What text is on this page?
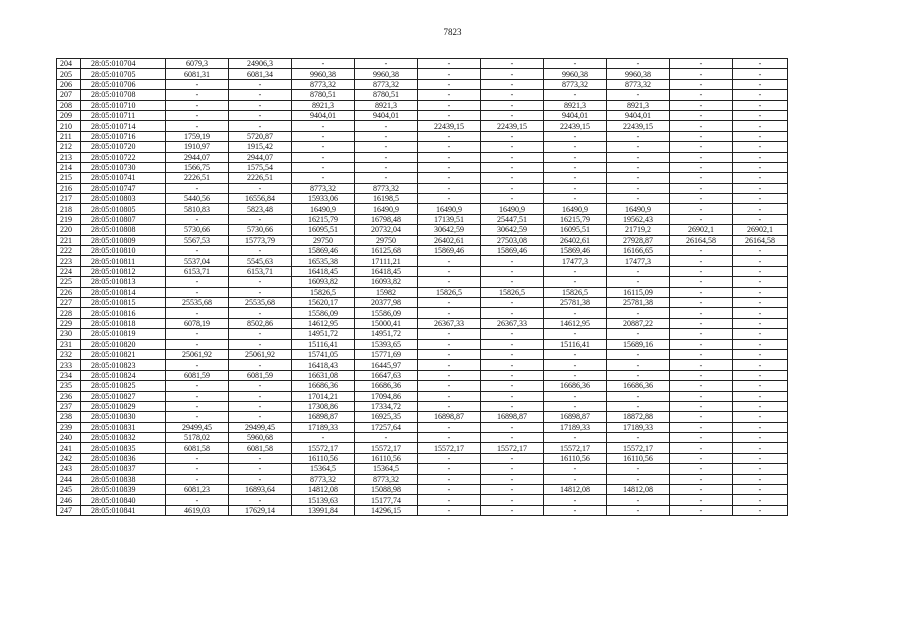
7823
204	28:05:010704	6079,3	24906,3	-	-	-	-	-	-	-	-
205	28:05:010705	6081,31	6081,34	9960,38	9960,38	-	-	9960,38	9960,38	-	-
206	28:05:010706	-	-	8773,32	8773,32	-	-	8773,32	8773,32	-	-
207	28:05:010708	-	-	8780,51	8780,51	-	-	-	-	-	-
208	28:05:010710	-	-	8921,3	8921,3	-	-	8921,3	8921,3	-	-
209	28:05:010711	-	-	9404,01	9404,01	-	-	9404,01	9404,01	-	-
210	28:05:010714	-	-	-	-	22439,15	22439,15	22439,15	22439,15	-	-
211	28:05:010716	1759,19	5720,87	-	-	-	-	-	-	-	-
212	28:05:010720	1910,97	1915,42	-	-	-	-	-	-	-	-
213	28:05:010722	2944,07	2944,07	-	-	-	-	-	-	-	-
214	28:05:010730	1566,75	1575,54	-	-	-	-	-	-	-	-
215	28:05:010741	2226,51	2226,51	-	-	-	-	-	-	-	-
216	28:05:010747	-	-	8773,32	8773,32	-	-	-	-	-	-
217	28:05:010803	5440,56	16556,84	15933,06	16198,5	-	-	-	-	-	-
218	28:05:010805	5810,83	5823,48	16490,9	16490,9	16490,9	16490,9	16490,9	16490,9	-	-
219	28:05:010807	-	-	16215,79	16798,48	17139,51	25447,51	16215,79	19562,43	-	-
220	28:05:010808	5730,66	5730,66	16095,51	20732,04	30642,59	30642,59	16095,51	21719,2	26902,1	26902,1
221	28:05:010809	5567,53	15773,79	29750	29750	26402,61	27503,08	26402,61	27928,87	26164,58	26164,58
222	28:05:010810	-	-	15869,46	16125,68	15869,46	15869,46	15869,46	16166,65	-	-
223	28:05:010811	5537,04	5545,63	16535,38	17111,21	-	-	17477,3	17477,3	-	-
224	28:05:010812	6153,71	6153,71	16418,45	16418,45	-	-	-	-	-	-
225	28:05:010813	-	-	16093,82	16093,82	-	-	-	-	-	-
226	28:05:010814	-	-	15826,5	15982	15826,5	15826,5	15826,5	16115,09	-	-
227	28:05:010815	25535,68	25535,68	15620,17	20377,98	-	-	25781,38	25781,38	-	-
228	28:05:010816	-	-	15586,09	15586,09	-	-	-	-	-	-
229	28:05:010818	6078,19	8502,86	14612,95	15000,41	26367,33	26367,33	14612,95	20887,22	-	-
230	28:05:010819	-	-	14951,72	14951,72	-	-	-	-	-	-
231	28:05:010820	-	-	15116,41	15393,65	-	-	15116,41	15689,16	-	-
232	28:05:010821	25061,92	25061,92	15741,05	15771,69	-	-	-	-	-	-
233	28:05:010823	-	-	16418,43	16445,97	-	-	-	-	-	-
234	28:05:010824	6081,59	6081,59	16631,08	16647,63	-	-	-	-	-	-
235	28:05:010825	-	-	16686,36	16686,36	-	-	16686,36	16686,36	-	-
236	28:05:010827	-	-	17014,21	17094,86	-	-	-	-	-	-
237	28:05:010829	-	-	17308,86	17334,72	-	-	-	-	-	-
238	28:05:010830	-	-	16898,87	16925,35	16898,87	16898,87	16898,87	18872,88	-	-
239	28:05:010831	29499,45	29499,45	17189,33	17257,64	-	-	17189,33	17189,33	-	-
240	28:05:010832	5178,02	5960,68	-	-	-	-	-	-	-	-
241	28:05:010835	6081,58	6081,58	15572,17	15572,17	15572,17	15572,17	15572,17	15572,17	-	-
242	28:05:010836	-	-	16110,56	16110,56	-	-	16110,56	16110,56	-	-
243	28:05:010837	-	-	15364,5	15364,5	-	-	-	-	-	-
244	28:05:010838	-	-	8773,32	8773,32	-	-	-	-	-	-
245	28:05:010839	6081,23	16893,64	14812,08	15088,98	-	-	14812,08	14812,08	-	-
246	28:05:010840	-	-	15139,63	15177,74	-	-	-	-	-	-
247	28:05:010841	4619,03	17629,14	13991,84	14296,15	-	-	-	-	-	-
